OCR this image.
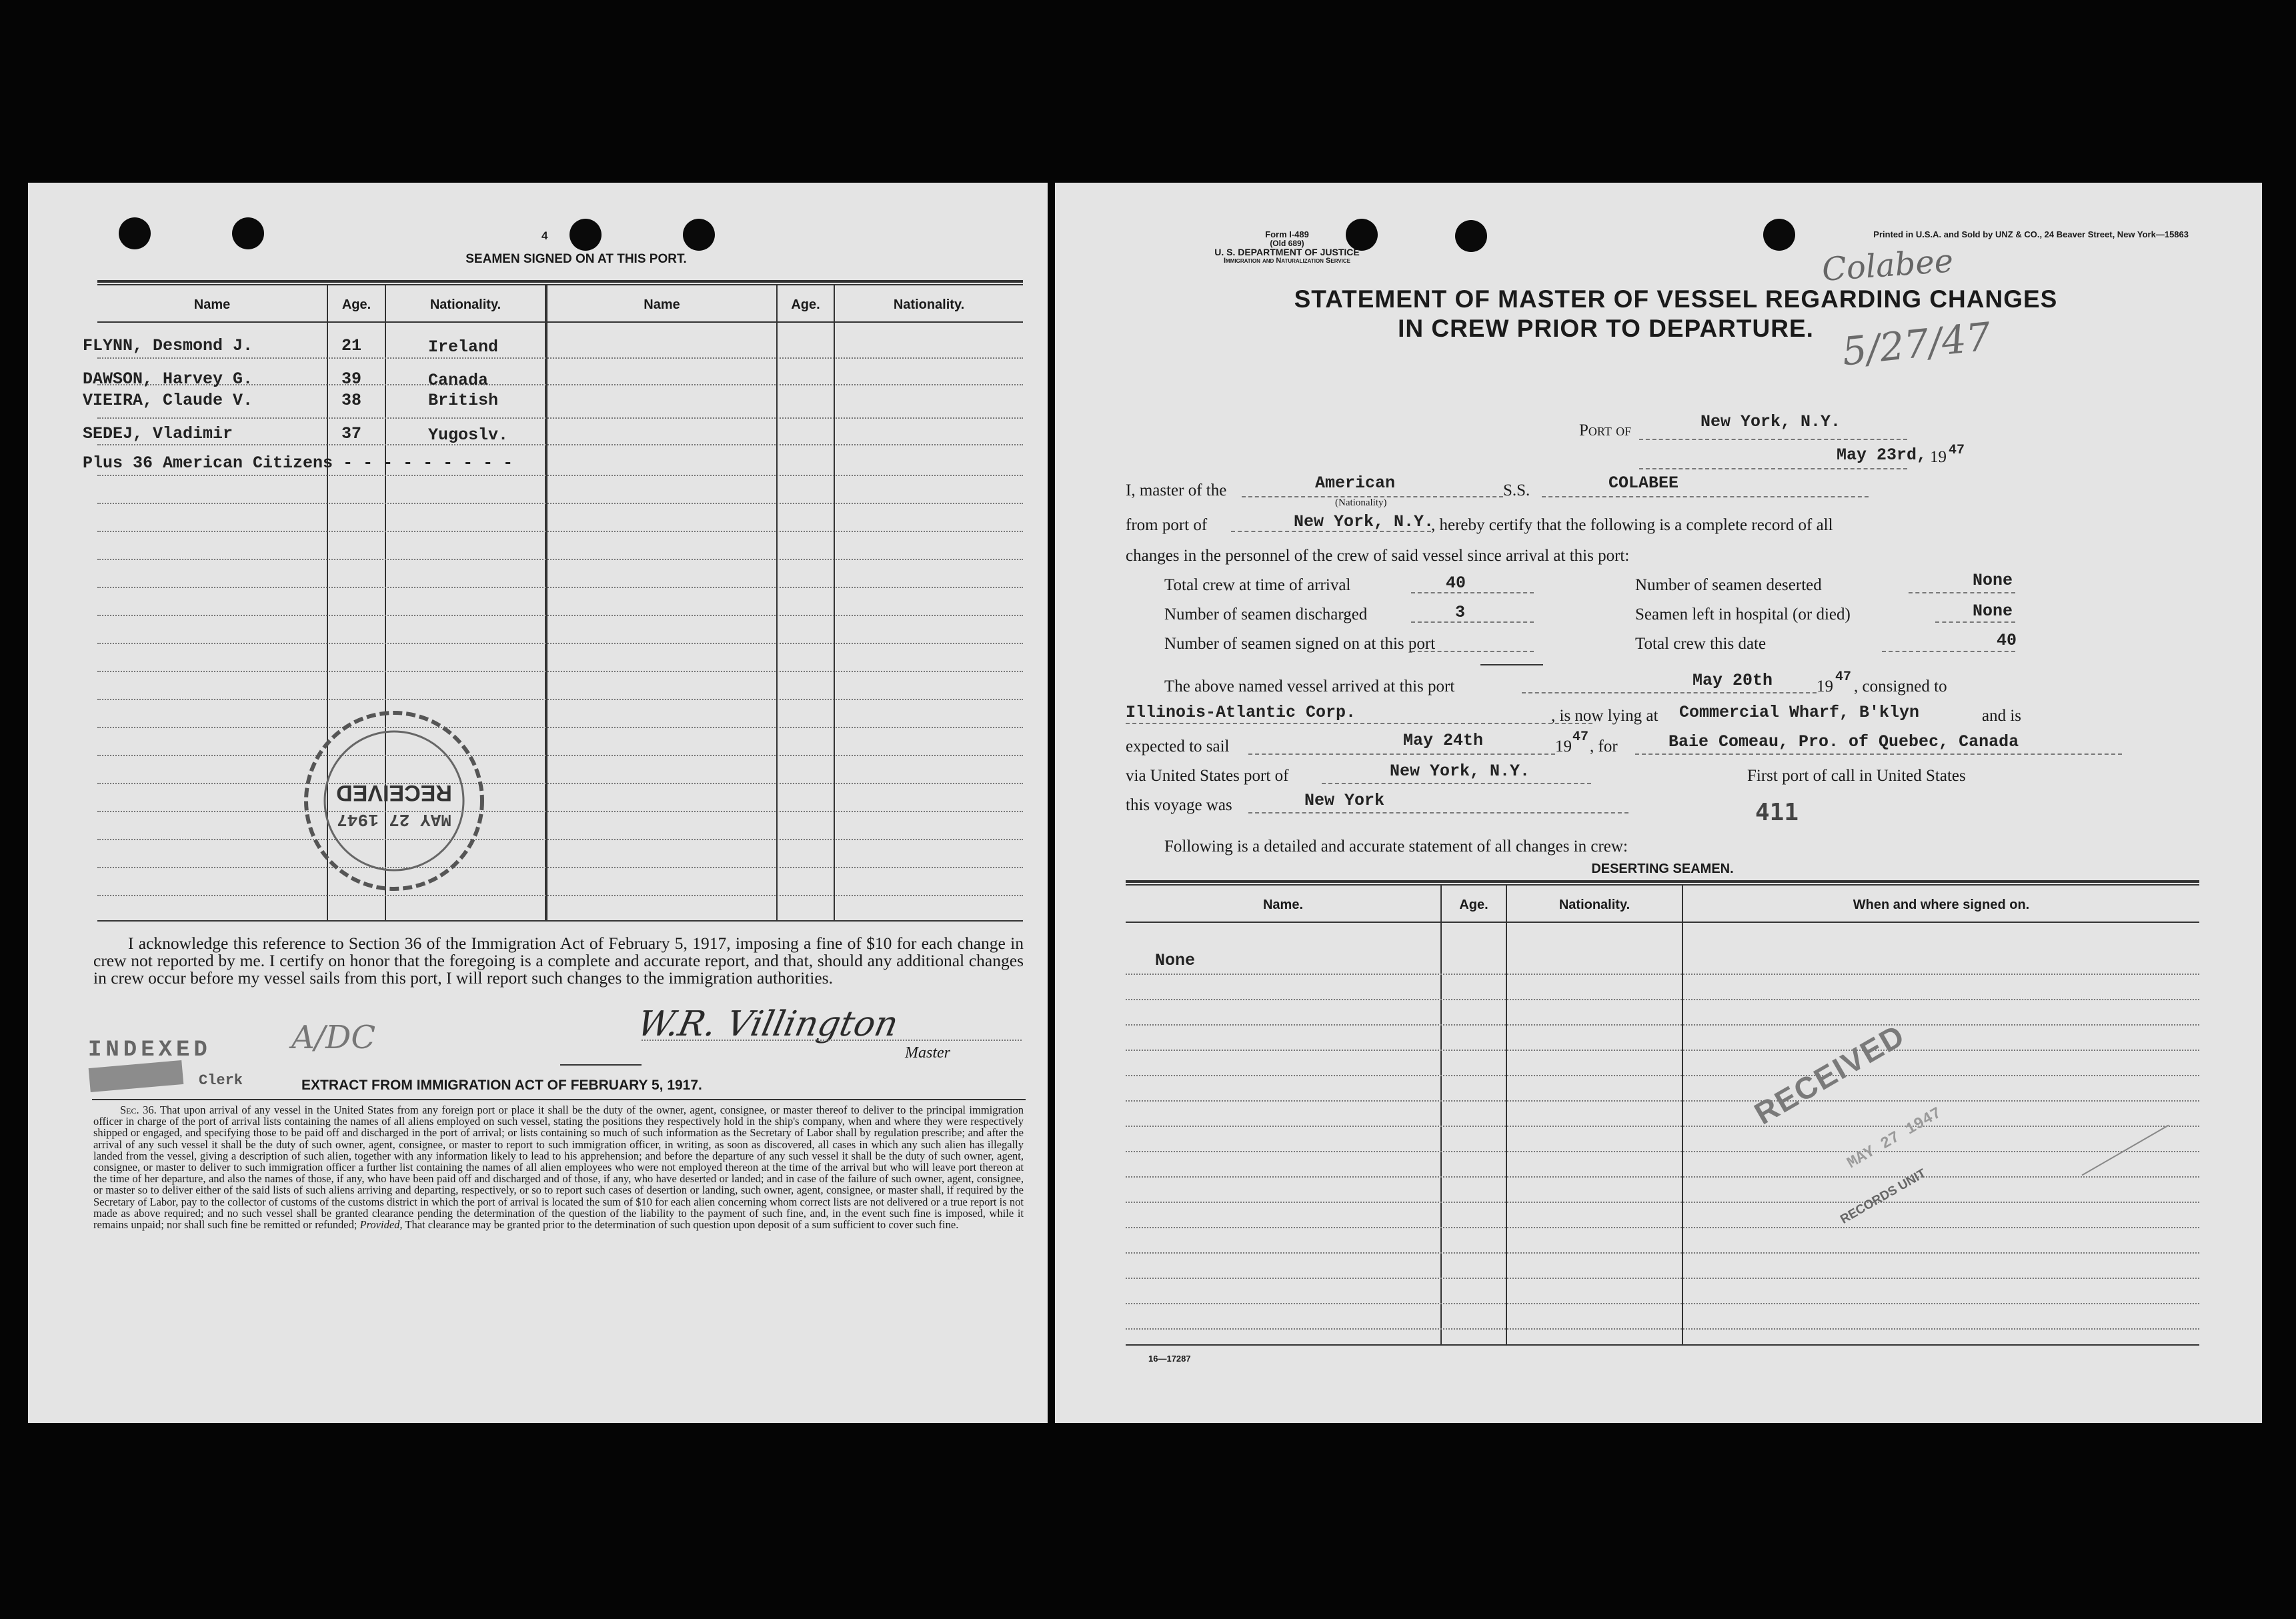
4
SEAMEN SIGNED ON AT THIS PORT.
Name	Age.	Nationality.	Name	Age.	Nationality.
FLYNN, Desmond J.	21	Ireland
DAWSON, Harvey G.	39	Canada
VIEIRA, Claude V.	38	British
SEDEJ, Vladimir	37	Yugoslv.
Plus 36 American Citizens - - - - - - - - -
RECEIVED
MAY 27 1947
I acknowledge this reference to Section 36 of the Immigration Act of February 5, 1917, imposing a fine of $10 for each change in crew not reported by me. I certify on honor that the foregoing is a complete and accurate report, and that, should any additional changes in crew occur before my vessel sails from this port, I will report such changes to the immigration authorities.
W.R. Villington
Master
INDEXED	A/DC
Clerk	EXTRACT FROM IMMIGRATION ACT OF FEBRUARY 5, 1917.
Sec. 36. That upon arrival of any vessel in the United States from any foreign port or place it shall be the duty of the owner, agent, consignee, or master thereof to deliver to the principal immigration officer in charge of the port of arrival lists containing the names of all aliens employed on such vessel, stating the positions they respectively hold in the ship's company, when and where they were respectively shipped or engaged, and specifying those to be paid off and discharged in the port of arrival; or lists containing so much of such information as the Secretary of Labor shall by regulation prescribe; and after the arrival of any such vessel it shall be the duty of such owner, agent, consignee, or master to report to such immigration officer, in writing, as soon as discovered, all cases in which any such alien has illegally landed from the vessel, giving a description of such alien, together with any information likely to lead to his apprehension; and before the departure of any such vessel it shall be the duty of such owner, agent, consignee, or master to deliver to such immigration officer a further list containing the names of all alien employees who were not employed thereon at the time of the arrival but who will leave port thereon at the time of her departure, and also the names of those, if any, who have been paid off and discharged and of those, if any, who have deserted or landed; and in case of the failure of such owner, agent, consignee, or master so to deliver either of the said lists of such aliens arriving and departing, respectively, or so to report such cases of desertion or landing, such owner, agent, consignee, or master shall, if required by the Secretary of Labor, pay to the collector of customs of the customs district in which the port of arrival is located the sum of $10 for each alien concerning whom correct lists are not delivered or a true report is not made as above required; and no such vessel shall be granted clearance pending the determination of the question of the liability to the payment of such fine, and, in the event such fine is imposed, while it remains unpaid; nor shall such fine be remitted or refunded; Provided, That clearance may be granted prior to the determination of such question upon deposit of a sum sufficient to cover such fine.
Form I-489
(Old 689)
U. S. DEPARTMENT OF JUSTICE
Immigration and Naturalization Service
Printed in U.S.A. and Sold by UNZ & CO., 24 Beaver Street, New York—15863
Colabee
5/27/47
STATEMENT OF MASTER OF VESSEL REGARDING CHANGES
IN CREW PRIOR TO DEPARTURE.
Port of	New York, N.Y.
May 23rd, 19 47
I, master of the	American
(Nationality)
S.S.	COLABEE
from port of	New York, N.Y.
, hereby certify that the following is a complete record of all
changes in the personnel of the crew of said vessel since arrival at this port:
Total crew at time of arrival	40
Number of seamen discharged	3
Number of seamen signed on at this port
Number of seamen deserted	None
Seamen left in hospital (or died)	None
Total crew this date	40
The above named vessel arrived at this port	May 20th	19
47
, consigned to
Illinois-Atlantic Corp.	, is now lying at Commercial Wharf, B'klyn	and is
expected to sail	May 24th	19
47
, for	Baie Comeau, Pro. of Quebec, Canada
via United States port of	New York, N.Y.	First port of call in United States
this voyage was	New York	411
Following is a detailed and accurate statement of all changes in crew:
DESERTING SEAMEN.
Name.	Age.	Nationality.	When and where signed on.
None
RECEIVED
MAY 27 1947
RECORDS UNIT
16—17287
